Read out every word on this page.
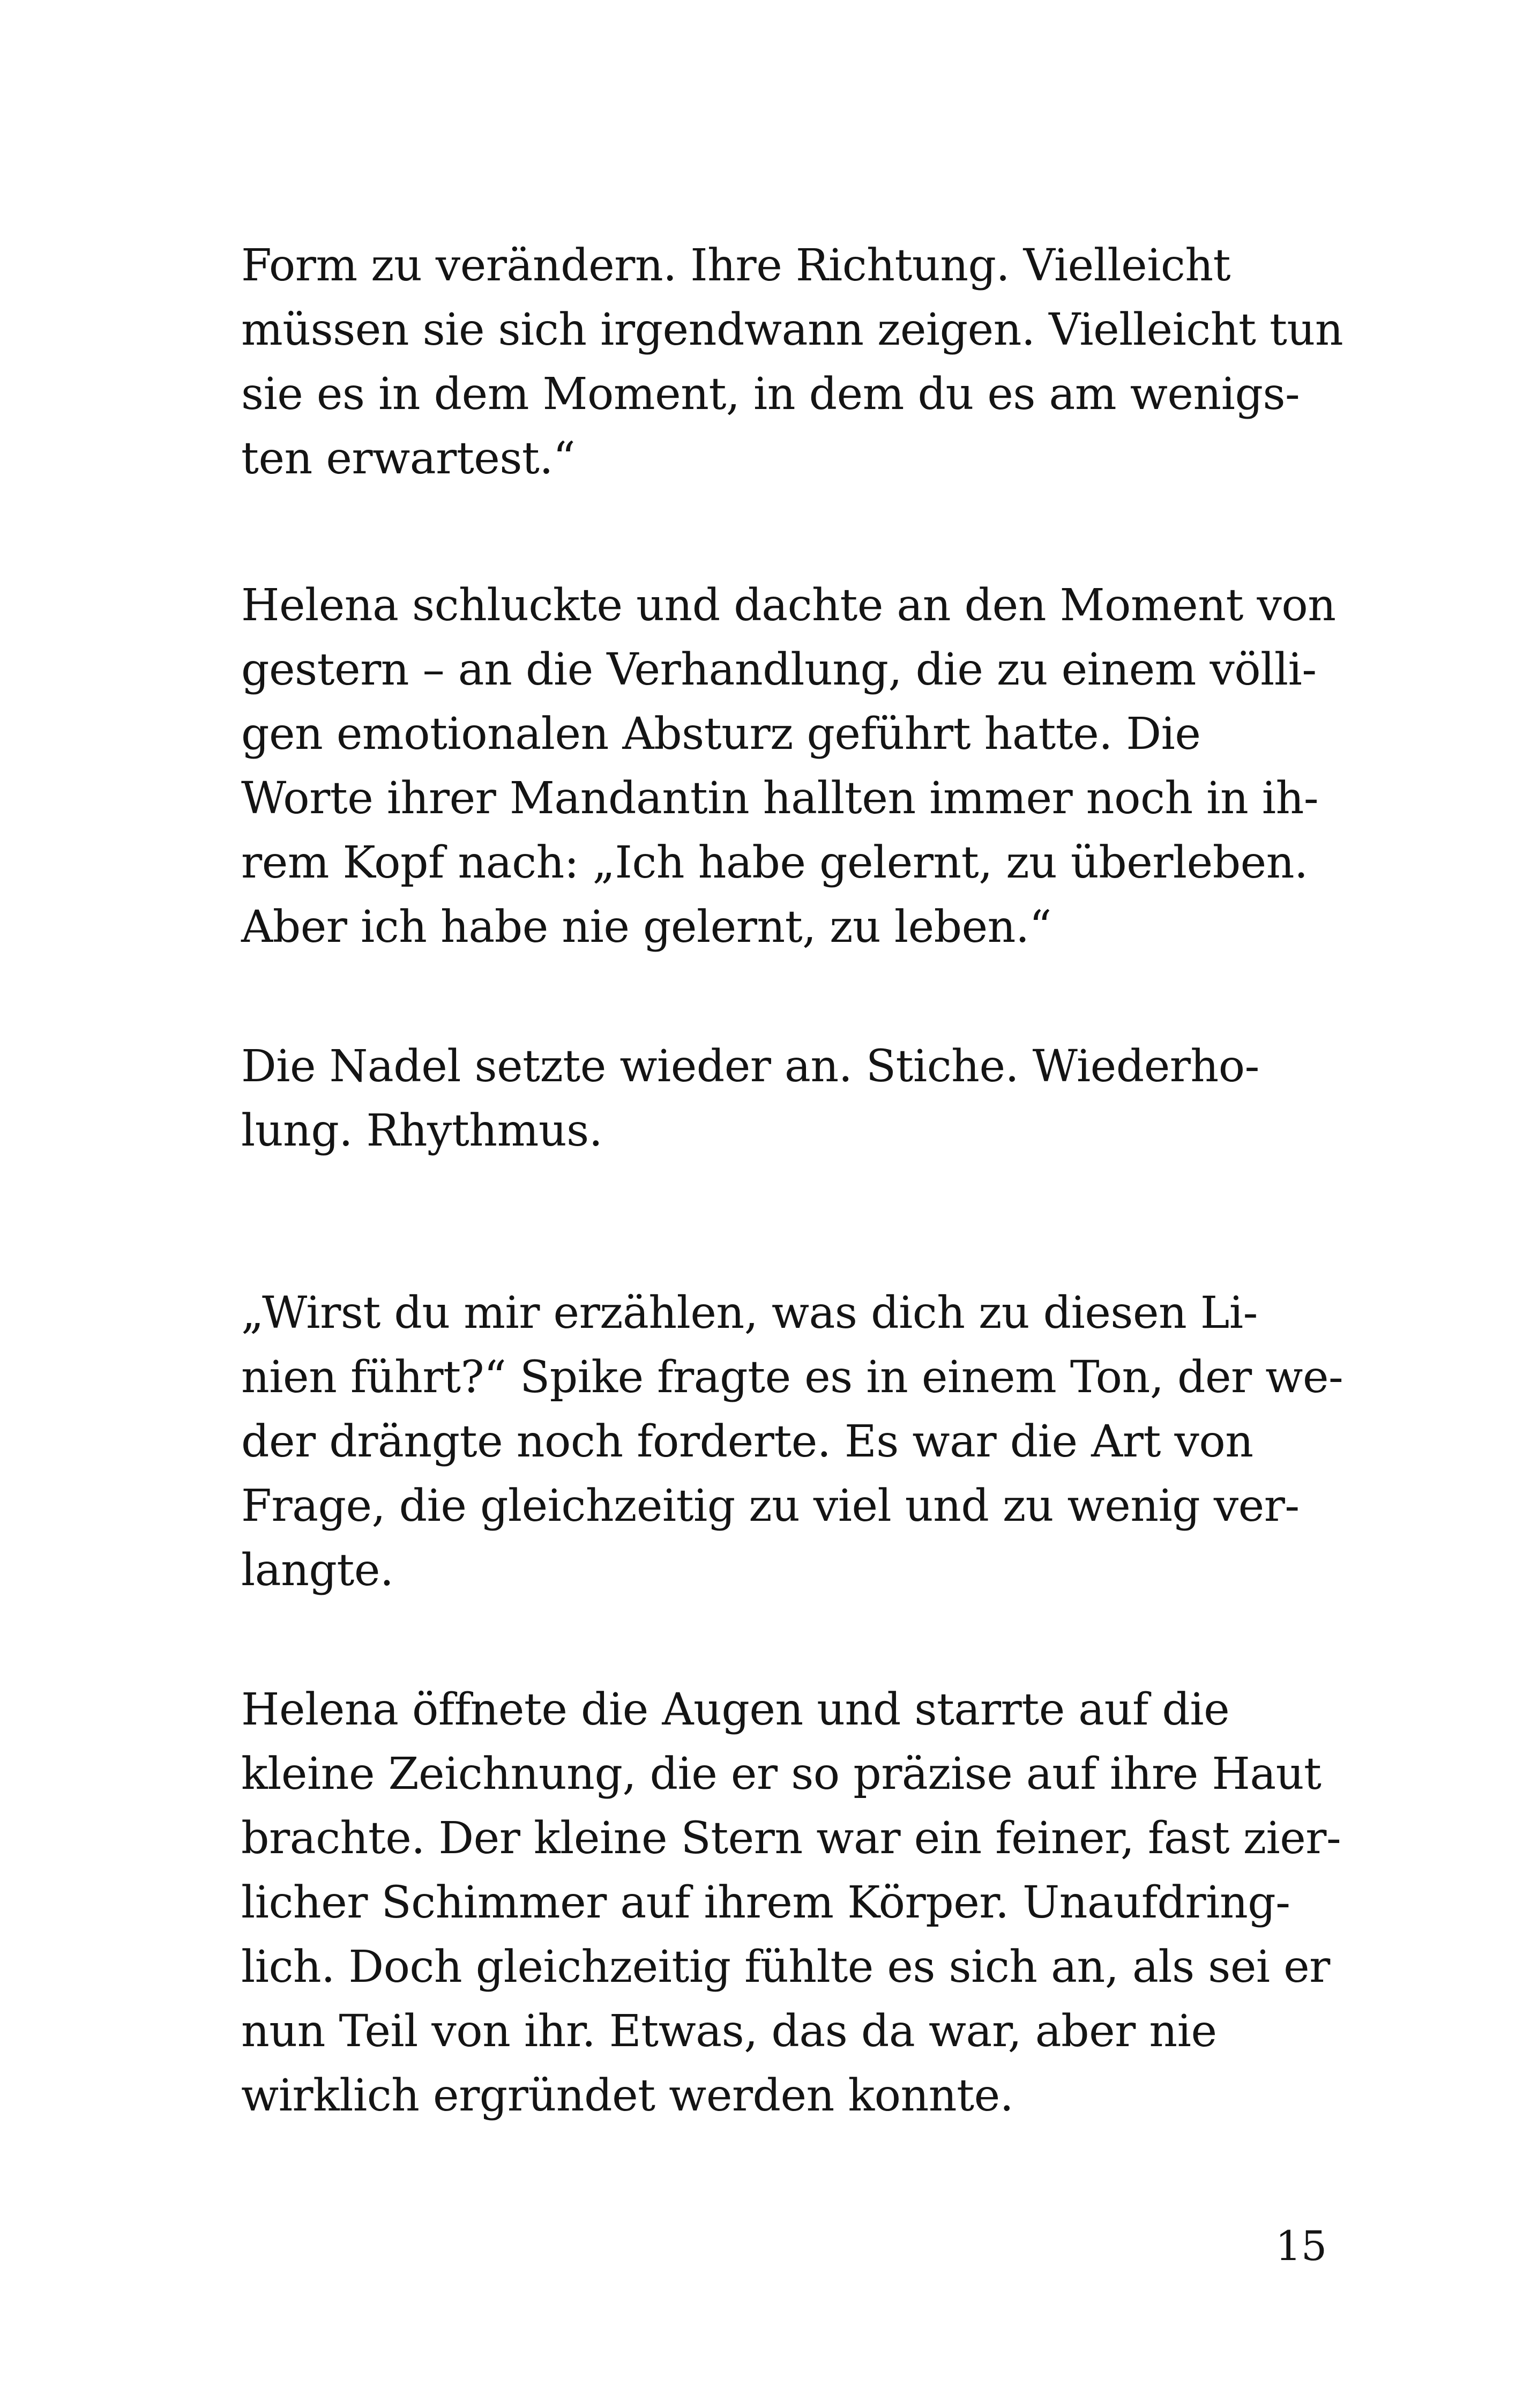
Form zu verändern. Ihre Richtung. Vielleicht
müssen sie sich irgendwann zeigen. Vielleicht tun
sie es in dem Moment, in dem du es am wenigs-
ten erwartest.“
Helena schluckte und dachte an den Moment von
gestern – an die Verhandlung, die zu einem völli-
gen emotionalen Absturz geführt hatte. Die
Worte ihrer Mandantin hallten immer noch in ih-
rem Kopf nach: „Ich habe gelernt, zu überleben.
Aber ich habe nie gelernt, zu leben.“
Die Nadel setzte wieder an. Stiche. Wiederho-
lung. Rhythmus.
„Wirst du mir erzählen, was dich zu diesen Li-
nien führt?“ Spike fragte es in einem Ton, der we-
der drängte noch forderte. Es war die Art von
Frage, die gleichzeitig zu viel und zu wenig ver-
langte.
Helena öffnete die Augen und starrte auf die
kleine Zeichnung, die er so präzise auf ihre Haut
brachte. Der kleine Stern war ein feiner, fast zier-
licher Schimmer auf ihrem Körper. Unaufdring-
lich. Doch gleichzeitig fühlte es sich an, als sei er
nun Teil von ihr. Etwas, das da war, aber nie
wirklich ergründet werden konnte.
15
